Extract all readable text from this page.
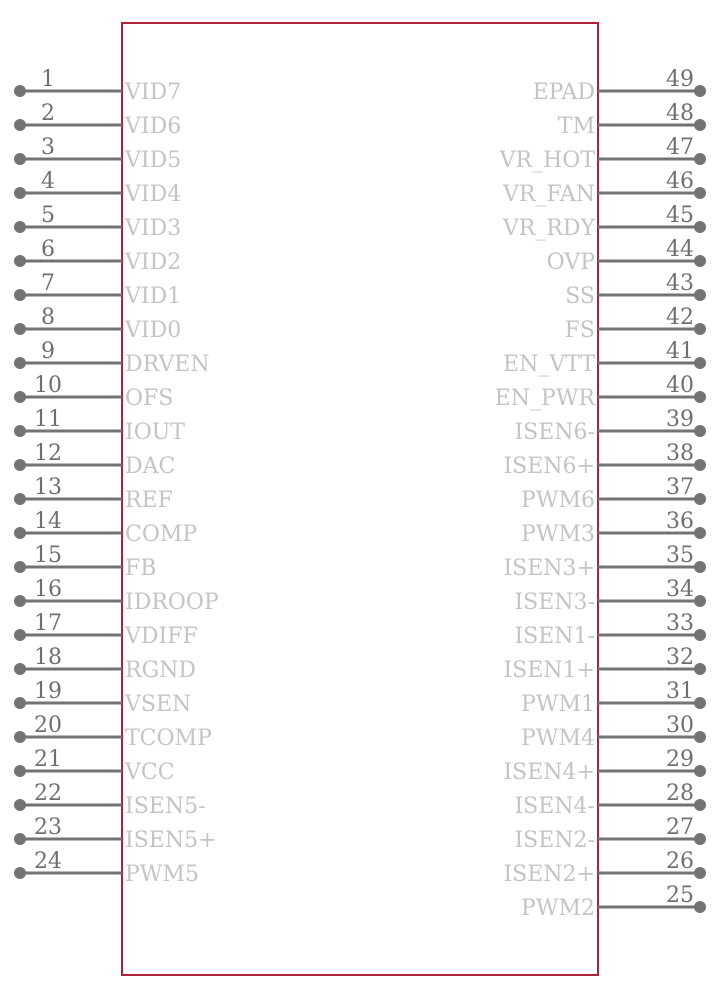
1
VID7
2
VID6
3
VID5
4
VID4
5
VID3
6
VID2
7
VID1
8
VID0
9
DRVEN
10
OFS
11
IOUT
12
DAC
13
REF
14
COMP
15
FB
16
IDROOP
17
VDIFF
18
RGND
19
VSEN
20
TCOMP
21
VCC
22
ISEN5-
23
ISEN5+
24
PWM5
49
EPAD
48
TM
47
VR_HOT
46
VR_FAN
45
VR_RDY
44
OVP
43
SS
42
FS
41
EN_VTT
40
EN_PWR
39
ISEN6-
38
ISEN6+
37
PWM6
36
PWM3
35
ISEN3+
34
ISEN3-
33
ISEN1-
32
ISEN1+
31
PWM1
30
PWM4
29
ISEN4+
28
ISEN4-
27
ISEN2-
26
ISEN2+
25
PWM2
